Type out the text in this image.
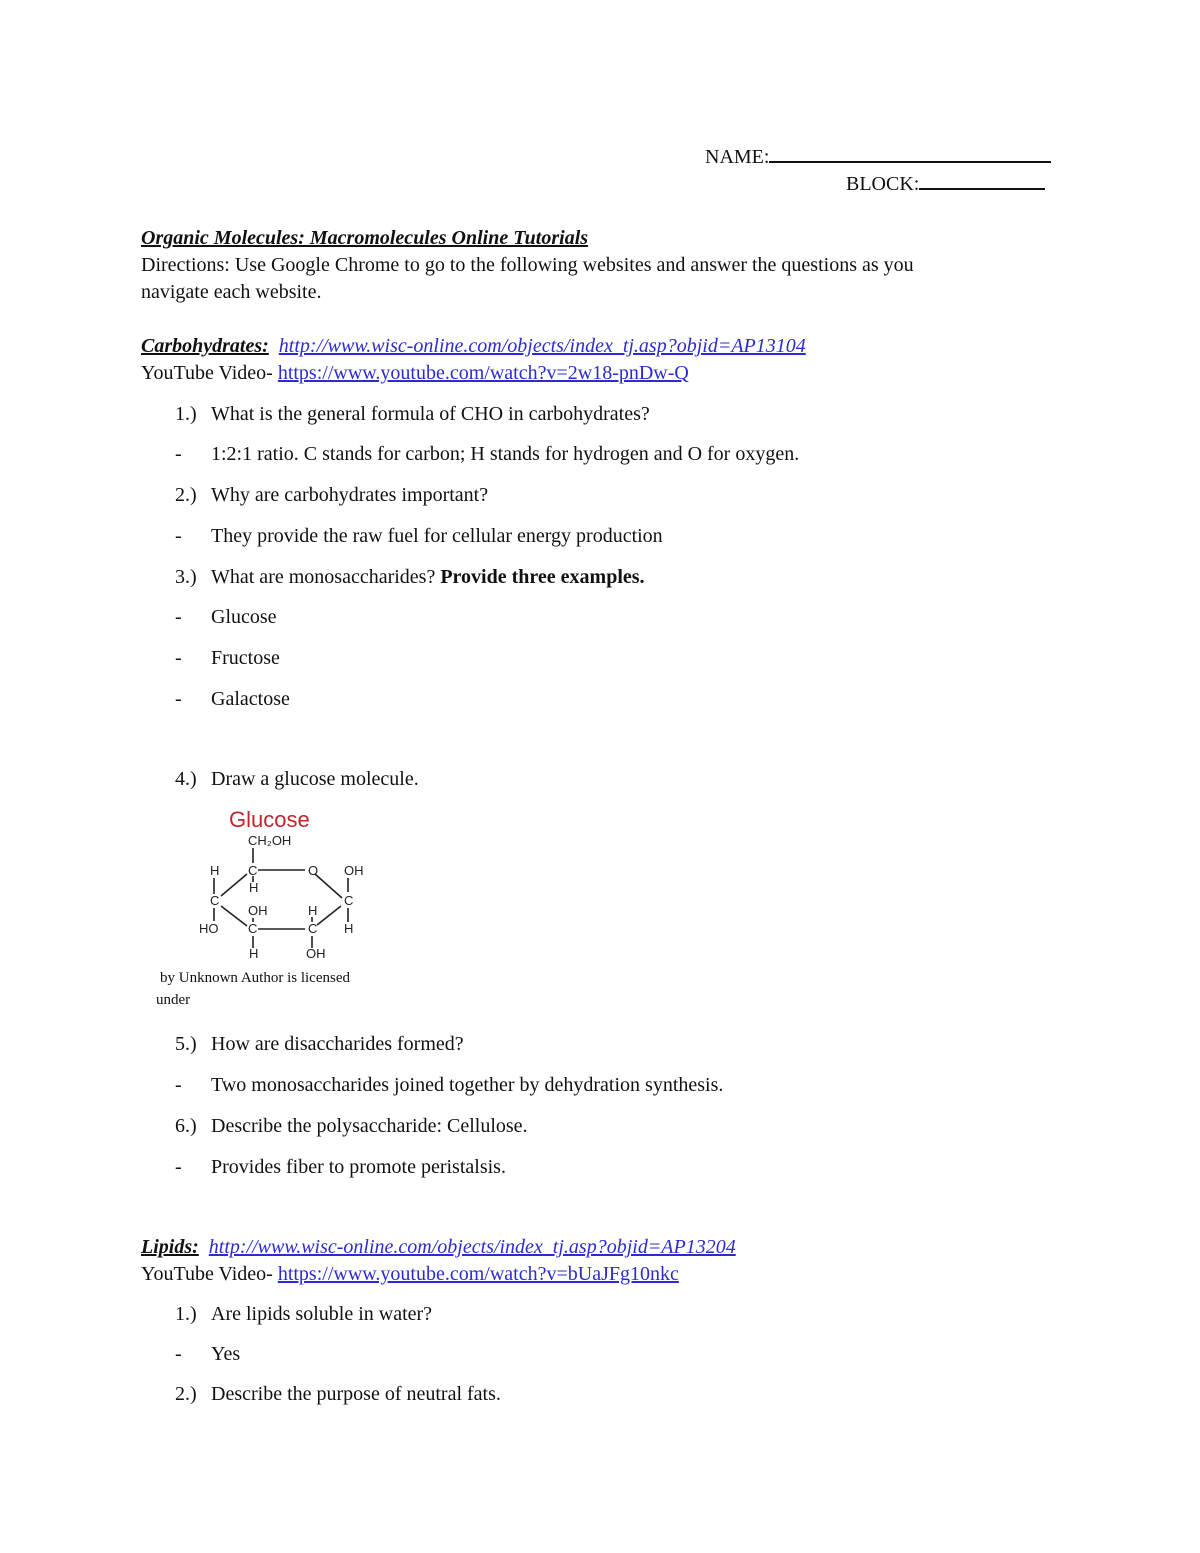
NAME:
BLOCK:
Organic Molecules: Macromolecules Online Tutorials
Directions: Use Google Chrome to go to the following websites and answer the questions as you
navigate each website.
Carbohydrates: http://www.wisc-online.com/objects/index_tj.asp?objid=AP13104
YouTube Video- https://www.youtube.com/watch?v=2w18-pnDw-Q
1.) What is the general formula of CHO in carbohydrates?
- 1:2:1 ratio. C stands for carbon; H stands for hydrogen and O for oxygen.
2.) Why are carbohydrates important?
- They provide the raw fuel for cellular energy production
3.) What are monosaccharides? Provide three examples.
- Glucose
- Fructose
- Galactose
4.) Draw a glucose molecule.
Glucose
CH₂OH
H C	O OH
H
C	C
OH	H
HO C	C H
H	OH
by Unknown Author is licensed
under
5.) How are disaccharides formed?
- Two monosaccharides joined together by dehydration synthesis.
6.) Describe the polysaccharide: Cellulose.
- Provides fiber to promote peristalsis.
Lipids: http://www.wisc-online.com/objects/index_tj.asp?objid=AP13204
YouTube Video- https://www.youtube.com/watch?v=bUaJFg10nkc
1.) Are lipids soluble in water?
- Yes
2.) Describe the purpose of neutral fats.
